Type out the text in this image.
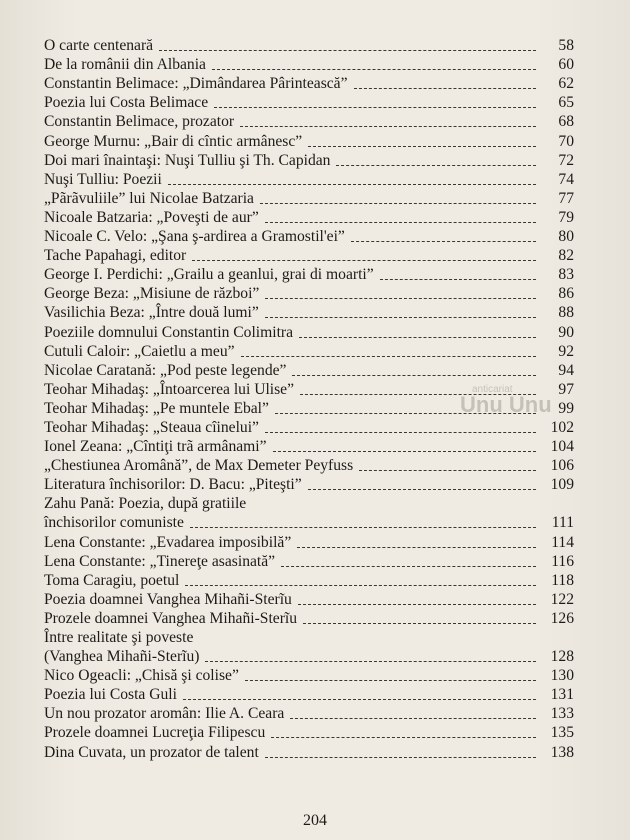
O carte centenară	58
De la românii din Albania	60
Constantin Belimace: „Dimândarea Pârintească”	62
Poezia lui Costa Belimace	65
Constantin Belimace, prozator	68
George Murnu: „Bair di cîntic armânesc”	70
Doi mari înaintaşi: Nuşi Tulliu şi Th. Capidan	72
Nuşi Tulliu: Poezii	74
„Pãrãvuliile” lui Nicolae Batzaria	77
Nicoale Batzaria: „Poveşti de aur”	79
Nicoale C. Velo: „Şana ş-ardirea a Gramostil'ei”	80
Tache Papahagi, editor	82
George I. Perdichi: „Grailu a geanlui, grai di moarti”	83
George Beza: „Misiune de război”	86
Vasilichia Beza: „Între două lumi”	88
Poeziile domnului Constantin Colimitra	90
Cutuli Caloir: „Caietlu a meu”	92
Nicolae Caratană: „Pod peste legende”	94
Teohar Mihadaş: „Întoarcerea lui Ulise”	97
Teohar Mihadaş: „Pe muntele Ebal”	99
Teohar Mihadaş: „Steaua cîinelui”	102
Ionel Zeana: „Cîntiţi trã armânami”	104
„Chestiunea Aromână”, de Max Demeter Peyfuss	106
Literatura închisorilor: D. Bacu: „Piteşti”	109
Zahu Pană: Poezia, după gratiile
închisorilor comuniste	111
Lena Constante: „Evadarea imposibilă”	114
Lena Constante: „Tinereţe asasinată”	116
Toma Caragiu, poetul	118
Poezia doamnei Vanghea Mihañi-Sterĩu	122
Prozele doamnei Vanghea Mihañi-Sterĩu	126
Între realitate şi poveste
(Vanghea Mihañi-Sterĩu)	128
Nico Ogeacli: „Chisă şi colise”	130
Poezia lui Costa Guli	131
Un nou prozator aromân: Ilie A. Ceara	133
Prozele doamnei Lucreţia Filipescu	135
Dina Cuvata, un prozator de talent	138
anticariat
Unu Unu
204
